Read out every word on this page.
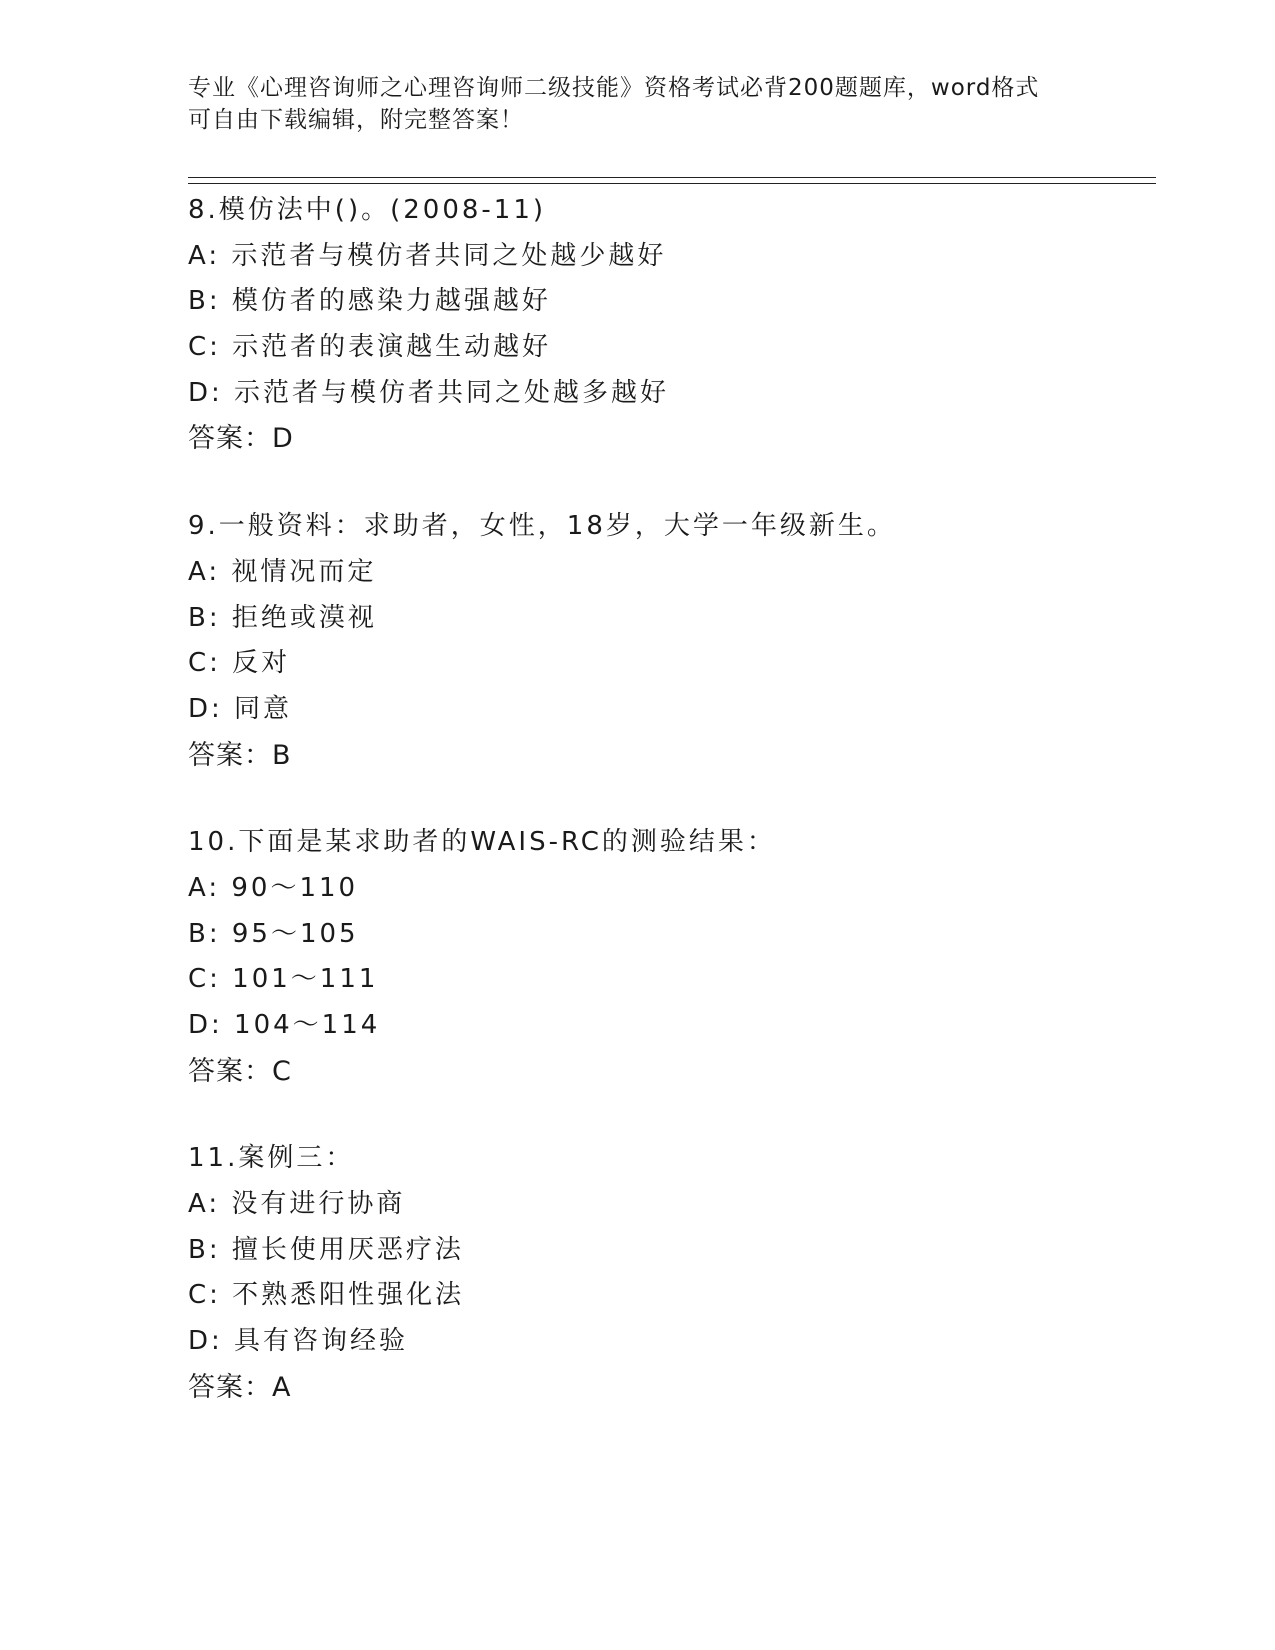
专业《心理咨询师之心理咨询师二级技能》资格考试必背200题题库，word格式
可自由下载编辑，附完整答案！
8.模仿法中()。(2008-11)
A: 示范者与模仿者共同之处越少越好
B: 模仿者的感染力越强越好
C: 示范者的表演越生动越好
D: 示范者与模仿者共同之处越多越好
答案：D
9.一般资料：求助者，女性，18岁，大学一年级新生。
A: 视情况而定
B: 拒绝或漠视
C: 反对
D: 同意
答案：B
10.下面是某求助者的WAIS-RC的测验结果：
A: 90～110
B: 95～105
C: 101～111
D: 104～114
答案：C
11.案例三：
A: 没有进行协商
B: 擅长使用厌恶疗法
C: 不熟悉阳性强化法
D: 具有咨询经验
答案：A
